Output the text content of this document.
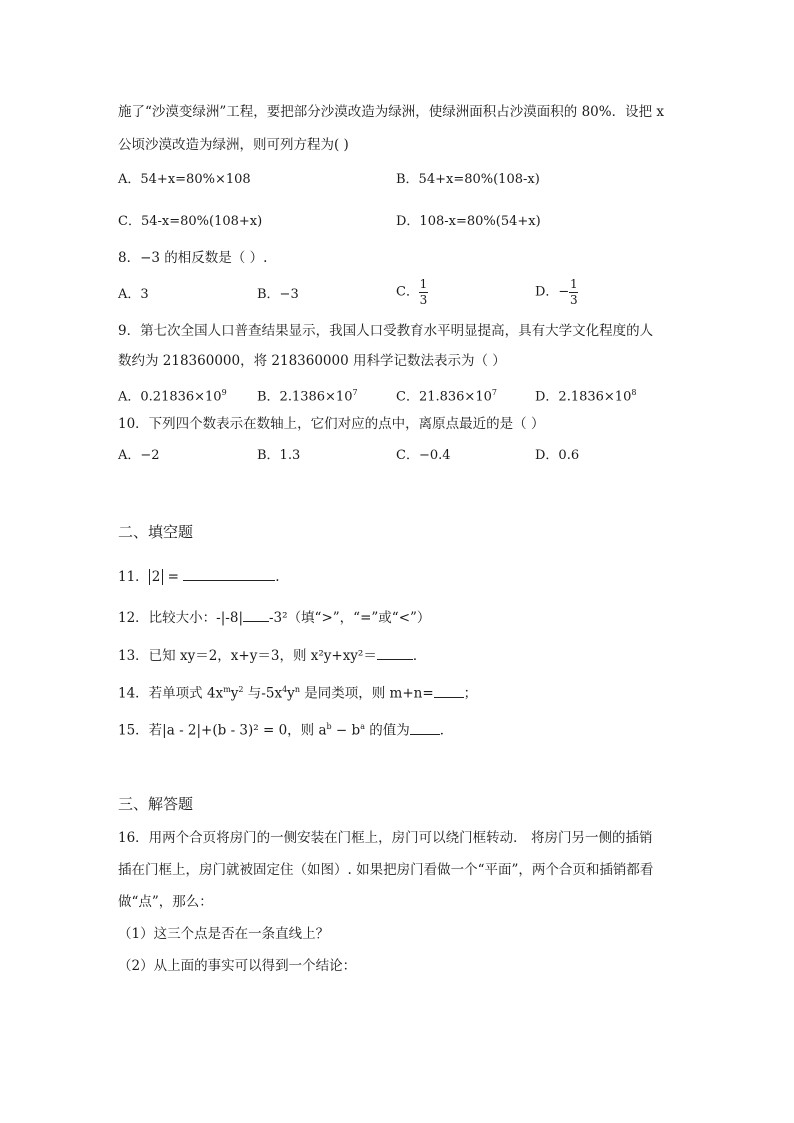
施了“沙漠变绿洲”工程，要把部分沙漠改造为绿洲，使绿洲面积占沙漠面积的 80%．设把 x
公顷沙漠改造为绿洲，则可列方程为( )
A．54+x=80%×108	B．54+x=80%(108-x)
C．54-x=80%(108+x)	D．108-x=80%(54+x)
8．−3 的相反数是（ ）.
A．3	B．−3	C． $\frac{1}{3}$	D．− $\frac{1}{3}$
9．第七次全国人口普查结果显示，我国人口受教育水平明显提高，具有大学文化程度的人
数约为 218360000，将 218360000 用科学记数法表示为（ ）
A．$0.21836\times 10^9$ B．$2.1386\times 10^7$	C．$21.836\times 10^7$	D．$2.1836\times 10^8$
10．下列四个数表示在数轴上，它们对应的点中，离原点最近的是（ ）
A．−2	B．1.3	C．−0.4	D．0.6
二、填空题
11． 2 =	.
12．比较大小：-|-8| -3²（填“>”，“=”或“<”）
13．已知 xy＝2，x+y＝3，则 x²y+xy²＝	．
14．若单项式 $4x^my^2$ 与$-5x^4y^n$ 是同类项，则 m+n= ；
15．若|a - 2|+(b - 3)² = 0，则 $a^b - b^a$ 的值为 ．
三、解答题
16．用两个合页将房门的一侧安装在门框上，房门可以绕门框转动． 将房门另一侧的插销
插在门框上，房门就被固定住（如图）. 如果把房门看做一个“平面”，两个合页和插销都看
做“点”，那么：
（1）这三个点是否在一条直线上？
（2）从上面的事实可以得到一个结论：
